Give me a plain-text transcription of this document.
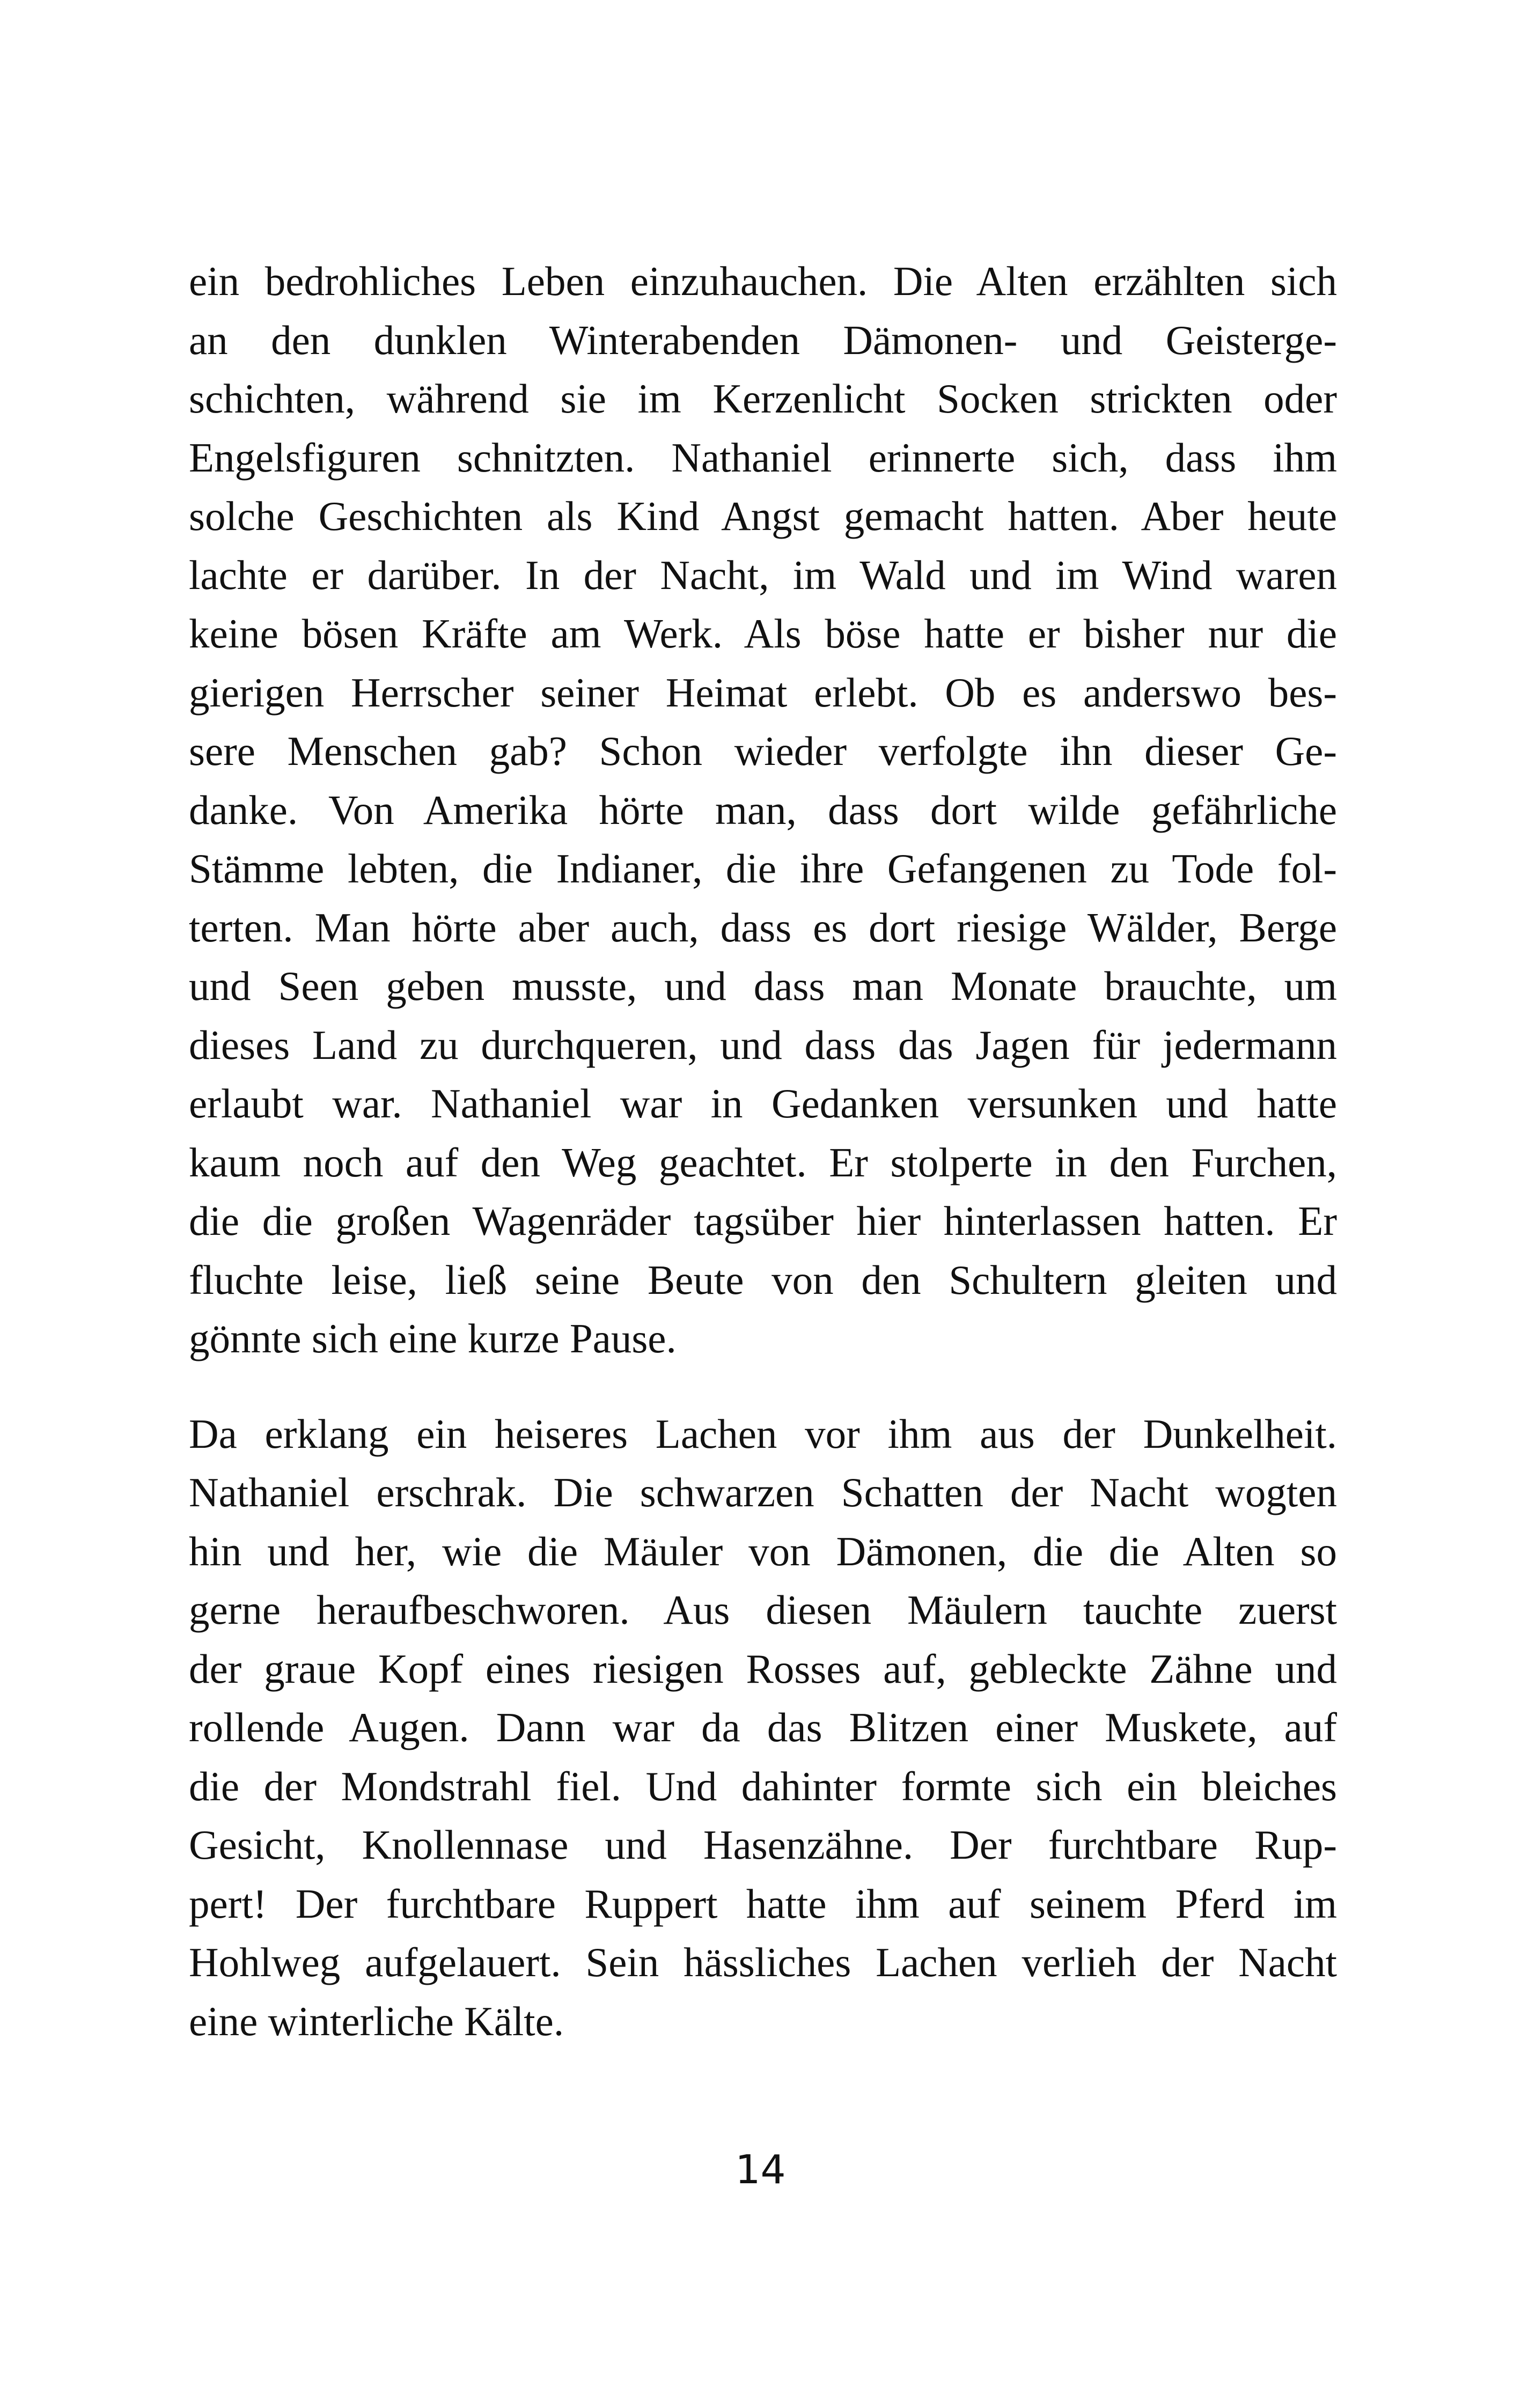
ein bedrohliches Leben einzuhauchen. Die Alten erzählten sich
an den dunklen Winterabenden Dämonen- und Geisterge-
schichten, während sie im Kerzenlicht Socken strickten oder
Engelsfiguren schnitzten. Nathaniel erinnerte sich, dass ihm
solche Geschichten als Kind Angst gemacht hatten. Aber heute
lachte er darüber. In der Nacht, im Wald und im Wind waren
keine bösen Kräfte am Werk. Als böse hatte er bisher nur die
gierigen Herrscher seiner Heimat erlebt. Ob es anderswo bes-
sere Menschen gab? Schon wieder verfolgte ihn dieser Ge-
danke. Von Amerika hörte man, dass dort wilde gefährliche
Stämme lebten, die Indianer, die ihre Gefangenen zu Tode fol-
terten. Man hörte aber auch, dass es dort riesige Wälder, Berge
und Seen geben musste, und dass man Monate brauchte, um
dieses Land zu durchqueren, und dass das Jagen für jedermann
erlaubt war. Nathaniel war in Gedanken versunken und hatte
kaum noch auf den Weg geachtet. Er stolperte in den Furchen,
die die großen Wagenräder tagsüber hier hinterlassen hatten. Er
fluchte leise, ließ seine Beute von den Schultern gleiten und
gönnte sich eine kurze Pause.
Da erklang ein heiseres Lachen vor ihm aus der Dunkelheit.
Nathaniel erschrak. Die schwarzen Schatten der Nacht wogten
hin und her, wie die Mäuler von Dämonen, die die Alten so
gerne heraufbeschworen. Aus diesen Mäulern tauchte zuerst
der graue Kopf eines riesigen Rosses auf, gebleckte Zähne und
rollende Augen. Dann war da das Blitzen einer Muskete, auf
die der Mondstrahl fiel. Und dahinter formte sich ein bleiches
Gesicht, Knollennase und Hasenzähne. Der furchtbare Rup-
pert! Der furchtbare Ruppert hatte ihm auf seinem Pferd im
Hohlweg aufgelauert. Sein hässliches Lachen verlieh der Nacht
eine winterliche Kälte.
14
